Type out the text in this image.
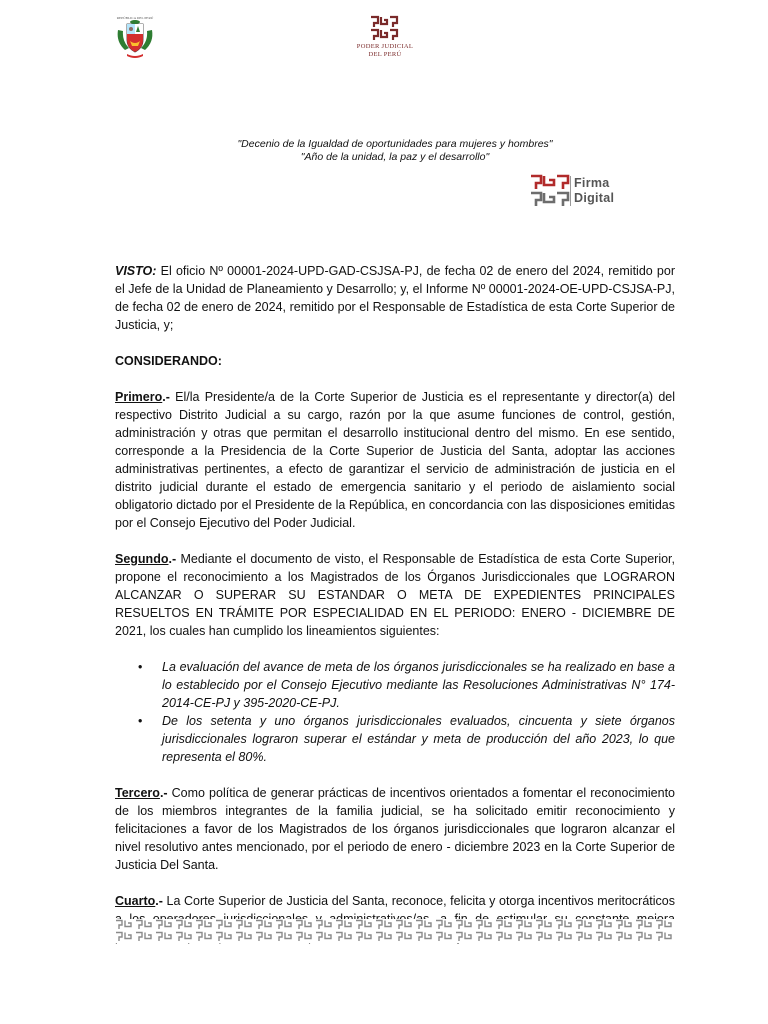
REPÚBLICA DEL PERÚ
PODER JUDICIAL
DEL PERÚ
"Decenio de la Igualdad de oportunidades para mujeres y hombres"
"Año de la unidad, la paz y el desarrollo"
Firma
Digital

VISTO: El oficio Nº 00001-2024-UPD-GAD-CSJSA-PJ, de fecha 02 de enero del 2024, remitido por el Jefe de la Unidad de Planeamiento y Desarrollo; y, el Informe Nº 00001-2024-OE-UPD-CSJSA-PJ, de fecha 02 de enero de 2024, remitido por el Responsable de Estadística de esta Corte Superior de Justicia, y;

CONSIDERANDO:

Primero.- El/la Presidente/a de la Corte Superior de Justicia es el representante y director(a) del respectivo Distrito Judicial a su cargo, razón por la que asume funciones de control, gestión, administración y otras que permitan el desarrollo institucional dentro del mismo. En ese sentido, corresponde a la Presidencia de la Corte Superior de Justicia del Santa, adoptar las acciones administrativas pertinentes, a efecto de garantizar el servicio de administración de justicia en el distrito judicial durante el estado de emergencia sanitario y el periodo de aislamiento social obligatorio dictado por el Presidente de la República, en concordancia con las disposiciones emitidas por el Consejo Ejecutivo del Poder Judicial.

Segundo.- Mediante el documento de visto, el Responsable de Estadística de esta Corte Superior, propone el reconocimiento a los Magistrados de los Órganos Jurisdiccionales que LOGRARON ALCANZAR O SUPERAR SU ESTANDAR O META DE EXPEDIENTES PRINCIPALES RESUELTOS EN TRÁMITE POR ESPECIALIDAD EN EL PERIODO: ENERO - DICIEMBRE DE 2021, los cuales han cumplido los lineamientos siguientes:

• La evaluación del avance de meta de los órganos jurisdiccionales se ha realizado en base a lo establecido por el Consejo Ejecutivo mediante las Resoluciones Administrativas N° 174-2014-CE-PJ y 395-2020-CE-PJ.
• De los setenta y uno órganos jurisdiccionales evaluados, cincuenta y siete órganos jurisdiccionales lograron superar el estándar y meta de producción del año 2023, lo que representa el 80%.

Tercero.- Como política de generar prácticas de incentivos orientados a fomentar el reconocimiento de los miembros integrantes de la familia judicial, se ha solicitado emitir reconocimiento y felicitaciones a favor de los Magistrados de los órganos jurisdiccionales que lograron alcanzar el nivel resolutivo antes mencionado, por el periodo de enero - diciembre 2023 en la Corte Superior de Justicia Del Santa.

Cuarto.- La Corte Superior de Justicia del Santa, reconoce, felicita y otorga incentivos meritocráticos
